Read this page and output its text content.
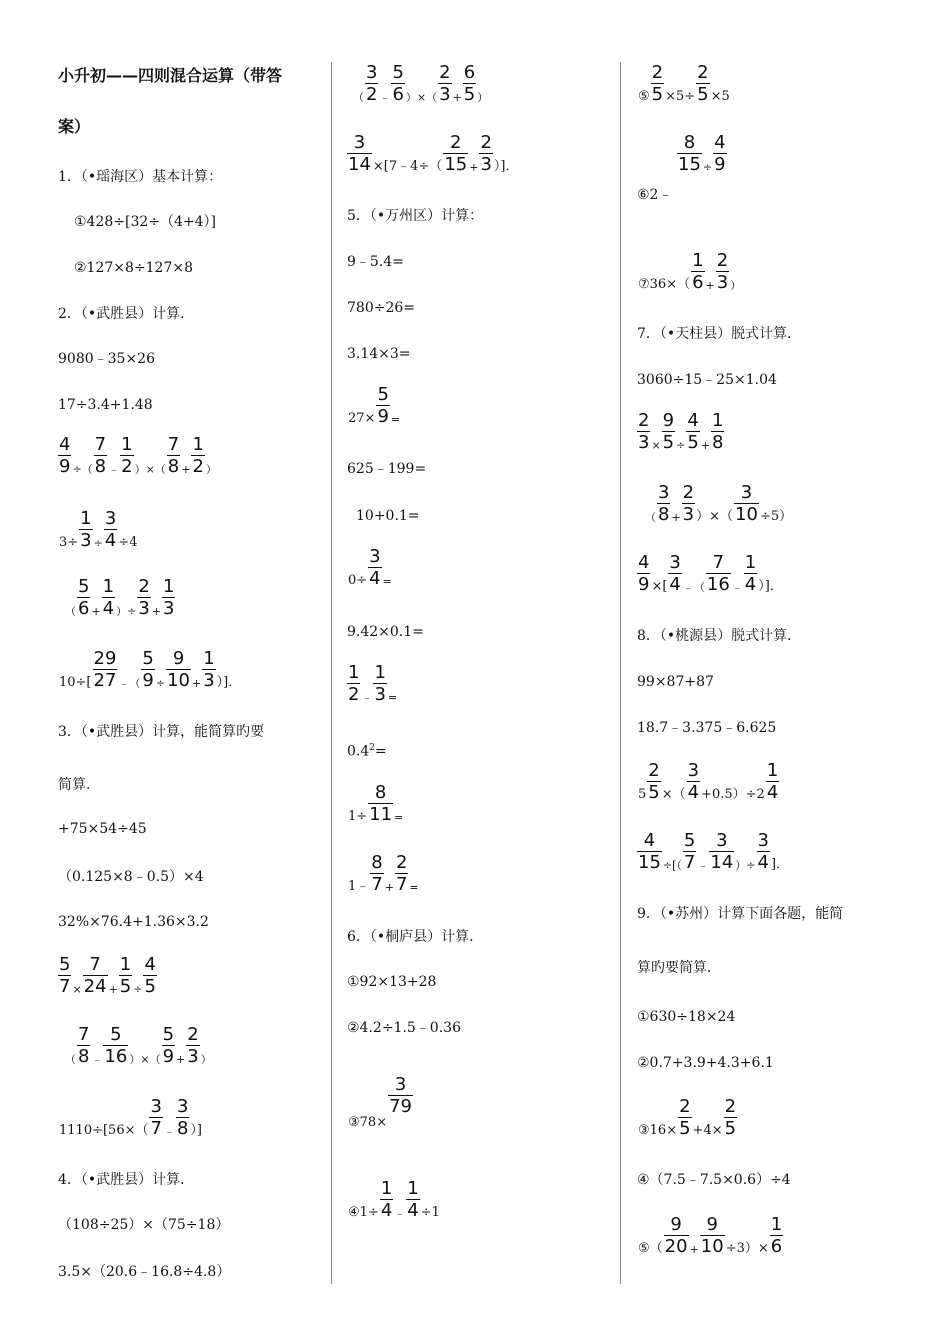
小升初——四则混合运算（带答
案）
1．（•瑶海区）基本计算：
①428÷[32÷（4+4）]
②127×8÷127×8
2．（•武胜县）计算．
9080﹣35×26
17÷3.4+1.48
$\frac{4}{9}$ ÷（ $\frac{7}{8}$ ﹣ $\frac{1}{2}$ ）×（ $\frac{7}{8} + \frac{1}{2}$ ）
$3\div \frac{1}{3} \div \frac{3}{4} \div 4$
（ $\frac{5}{6} + \frac{1}{4}$ ）÷ $\frac{2}{3} + \frac{1}{3}$
$10\div[ \frac{29}{27}$ ﹣（ $\frac{5}{9} \div \frac{9}{10} + \frac{1}{3}$ ）]．
3．（•武胜县）计算，能简算旳要
简算．
+75×54÷45
（0.125×8﹣0.5）×4
32%×76.4+1.36×3.2
$\frac{5}{7} \times \frac{7}{24} + \frac{1}{5} \div \frac{4}{5}$
（ $\frac{7}{8}$ ﹣ $\frac{5}{16}$ ）×（ $\frac{5}{9} + \frac{2}{3}$ ）
$1110\div[56\times( \frac{3}{7}$ ﹣ $\frac{3}{8}$ ）]
4．（•武胜县）计算．
（108÷25）×（75÷18）
3.5×（20.6﹣16.8÷4.8）
（ $\frac{3}{2}$ ﹣ $\frac{5}{6}$ ）×（ $\frac{2}{3} + \frac{6}{5}$ ）
$\frac{3}{14}$ ×[7﹣4÷（ $\frac{2}{15} + \frac{2}{3}$ ）]．
5．（•万州区）计算：
9﹣5.4=
780÷26=
3.14×3=
$27\times \frac{5}{9}$ =
625﹣199=
10+0.1=
$0\div \frac{3}{4}$ =
9.42×0.1=
$\frac{1}{2}$ ﹣ $\frac{1}{3}$ =
$0.4^2=$
$1\div \frac{8}{11}$ =
1﹣ $\frac{8}{7} + \frac{2}{7}$ =
6．（•桐庐县）计算．
①92×13+28
②4.2÷1.5﹣0.36
③78×
$\frac{3}{79}$
④1÷ $\frac{1}{4}$ ﹣ $\frac{1}{4} \div 1$
⑤ $\frac{2}{5} \times 5\div \frac{2}{5} \times 5$
$\frac{8}{15} \div \frac{4}{9}$
⑥2﹣
⑦36×（ $\frac{1}{6} + \frac{2}{3}$ ）
7．（•天柱县）脱式计算．
3060÷15﹣25×1.04
$\frac{2}{3} \times \frac{9}{5} \div \frac{4}{5} + \frac{1}{8}$
（ $\frac{3}{8} + \frac{2}{3}$ ）×（ $\frac{3}{10} \div 5$）
$\frac{4}{9}$ ×[ $\frac{3}{4}$ ﹣（ $\frac{7}{16}$ ﹣ $\frac{1}{4}$ ）]．
8．（•桃源县）脱式计算．
99×87+87
18.7﹣3.375﹣6.625
$5 \frac{2}{5}$ ×（ $\frac{3}{4} +0.5)\div 2 \frac{1}{4}$
$\frac{4}{15}$ ÷[（ $\frac{5}{7}$ ﹣ $\frac{3}{14}$ ）÷ $\frac{3}{4}$ ]．
9．（•苏州）计算下面各题，能简
算旳要简算．
①630÷18×24
②0.7+3.9+4.3+6.1
③16× $\frac{2}{5} +4\times \frac{2}{5}$
④（7.5﹣7.5×0.6）÷4
⑤（ $\frac{9}{20} + \frac{9}{10} \div 3)\times \frac{1}{6}$
